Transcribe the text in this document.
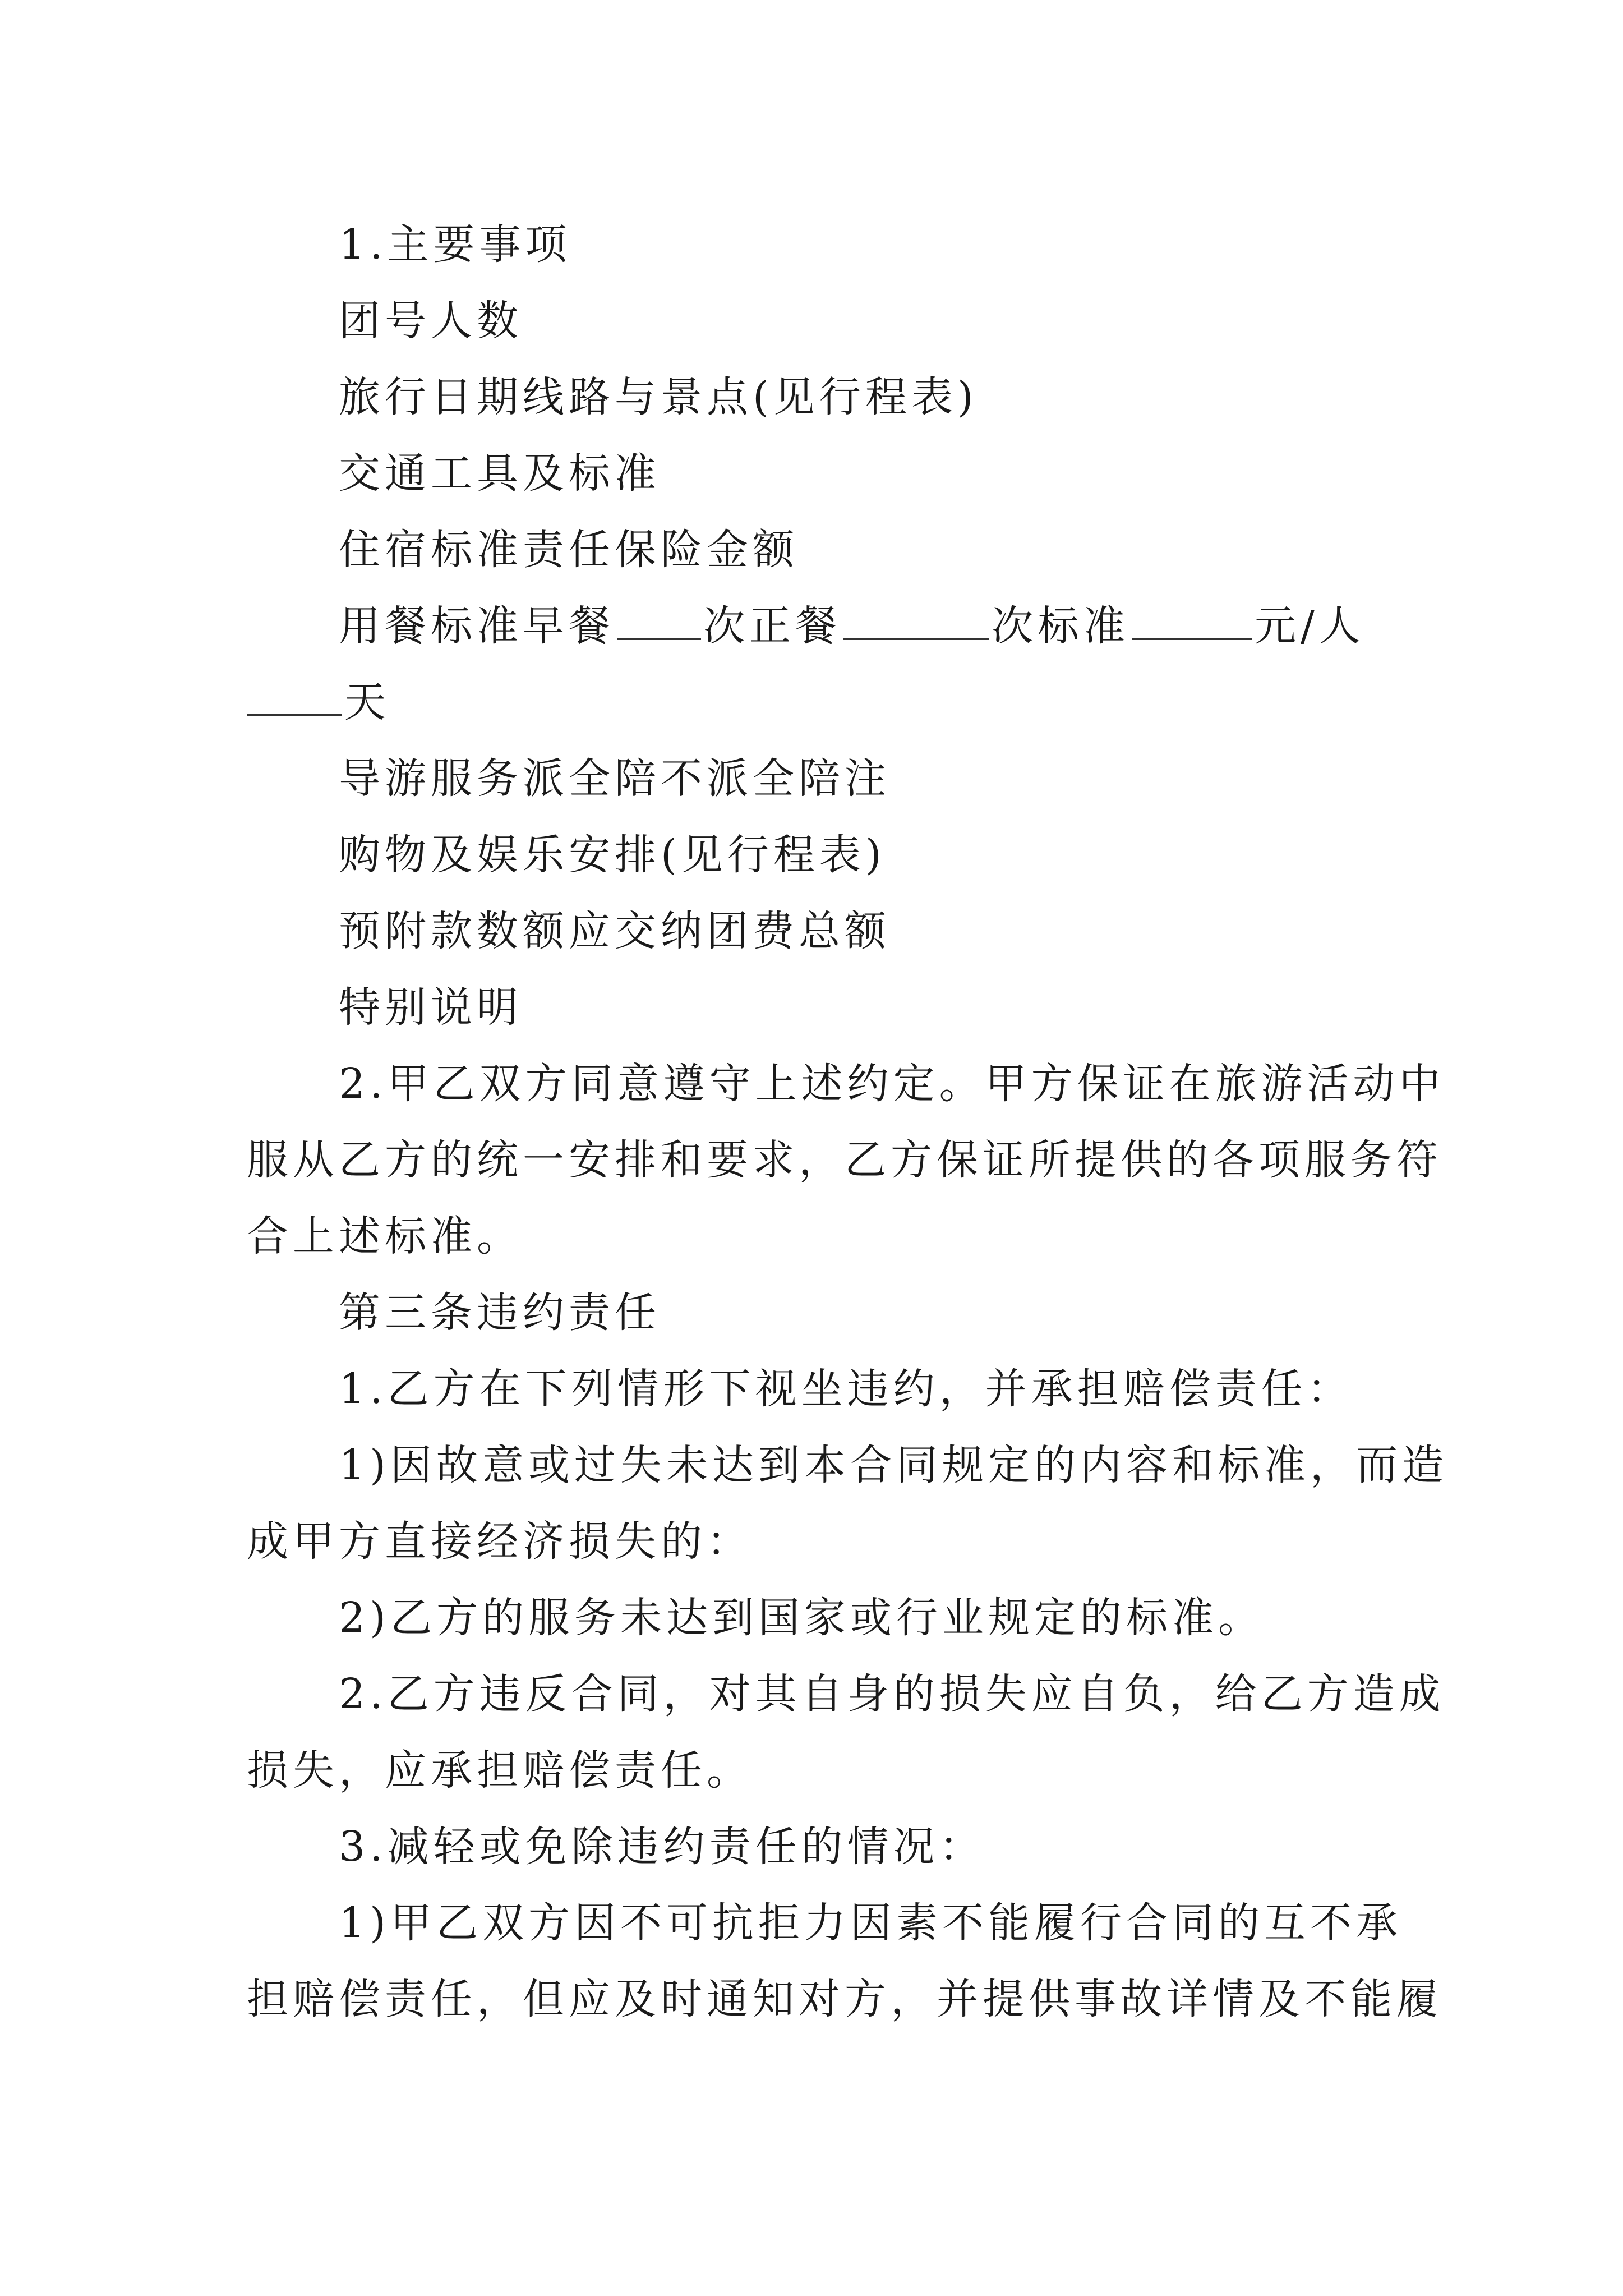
1.主要事项
团号人数
旅行日期线路与景点(见行程表)
交通工具及标准
住宿标准责任保险金额
用餐标准早餐 次正餐	次标准	元/人
天
导游服务派全陪不派全陪注
购物及娱乐安排(见行程表)
预附款数额应交纳团费总额
特别说明
2.甲乙双方同意遵守上述约定。甲方保证在旅游活动中
服从乙方的统一安排和要求，乙方保证所提供的各项服务符
合上述标准。
第三条违约责任
1.乙方在下列情形下视坐违约，并承担赔偿责任：
1)因故意或过失未达到本合同规定的内容和标准，而造
成甲方直接经济损失的：
2)乙方的服务未达到国家或行业规定的标准。
2.乙方违反合同，对其自身的损失应自负，给乙方造成
损失，应承担赔偿责任。
3.减轻或免除违约责任的情况：
1)甲乙双方因不可抗拒力因素不能履行合同的互不承
担赔偿责任，但应及时通知对方，并提供事故详情及不能履
